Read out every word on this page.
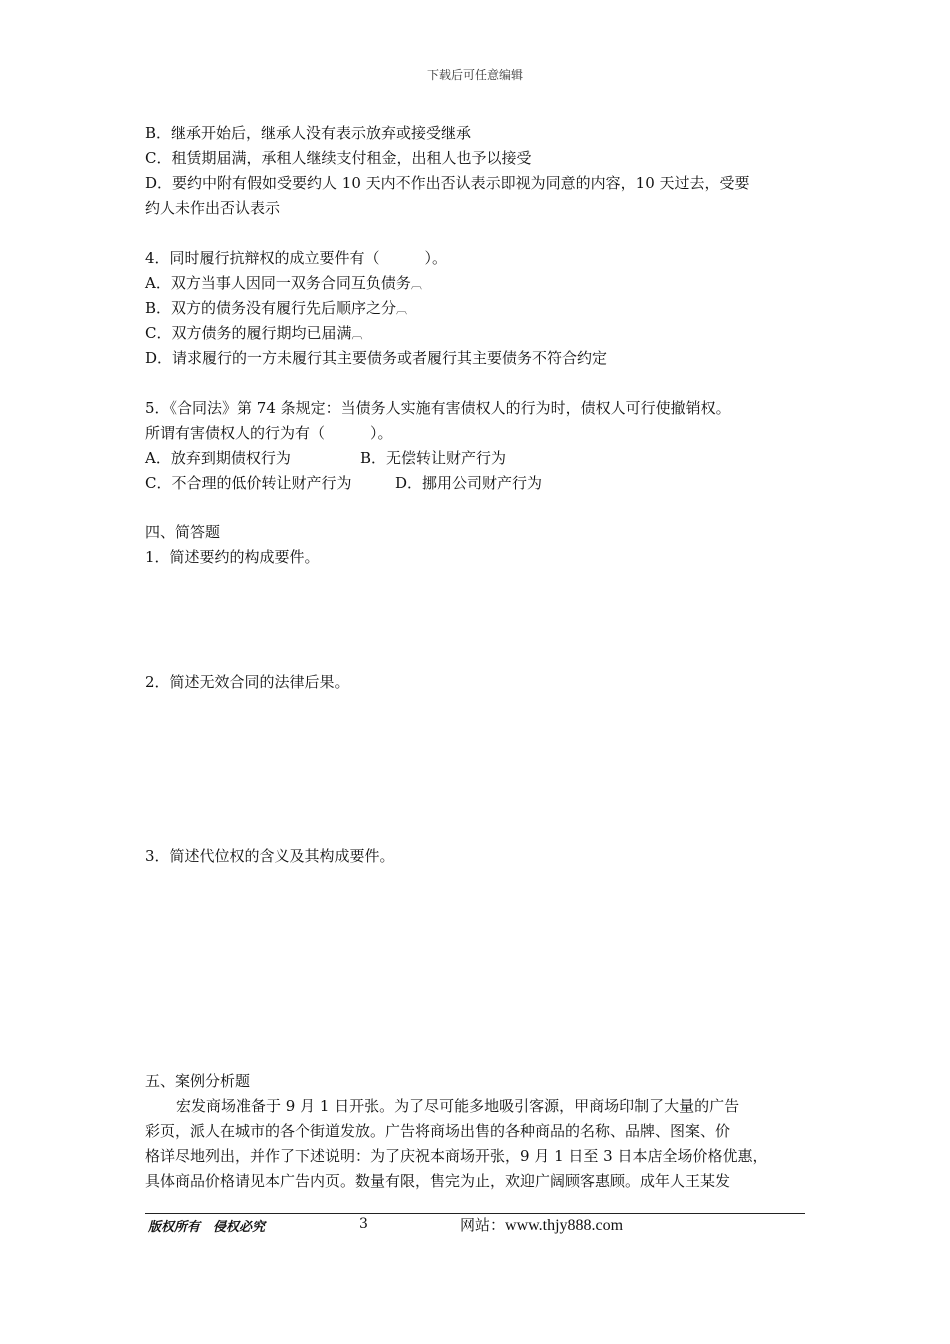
下载后可任意编辑
B．继承开始后，继承人没有表示放弃或接受继承
C．租赁期届满，承租人继续支付租金，出租人也予以接受
D．要约中附有假如受要约人 10 天内不作出否认表示即视为同意的内容，10 天过去，受要
约人未作出否认表示
4．同时履行抗辩权的成立要件有（　　　）。
A．双方当事人因同一双务合同互负债务︹
B．双方的债务没有履行先后顺序之分︹
C．双方债务的履行期均已届满︹
D．请求履行的一方未履行其主要债务或者履行其主要债务不符合约定
5．《合同法》第 74 条规定：当债务人实施有害债权人的行为时，债权人可行使撤销权。
所谓有害债权人的行为有（　　　）。
A．放弃到期债权行为	B．无偿转让财产行为
C．不合理的低价转让财产行为	D．挪用公司财产行为
四、简答题
1．简述要约的构成要件。
2．简述无效合同的法律后果。
3．简述代位权的含义及其构成要件。
五、案例分析题
宏发商场准备于 9 月 1 日开张。为了尽可能多地吸引客源，甲商场印制了大量的广告
彩页，派人在城市的各个街道发放。广告将商场出售的各种商品的名称、品牌、图案、价
格详尽地列出，并作了下述说明：为了庆祝本商场开张，9 月 1 日至 3 日本店全场价格优惠，
具体商品价格请见本广告内页。数量有限，售完为止，欢迎广阔顾客惠顾。成年人王某发
版权所有　侵权必究	3	网站：www.thjy888.com
